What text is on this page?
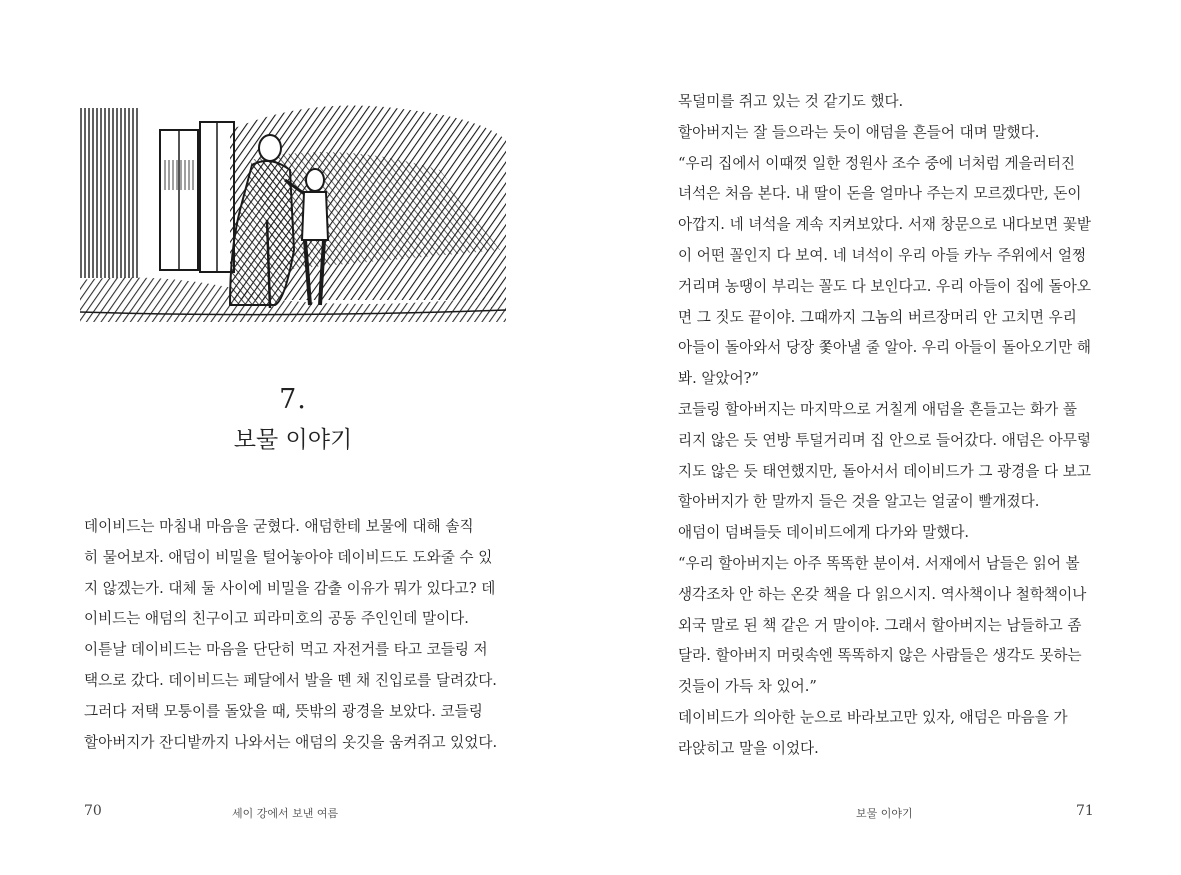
7.
보물 이야기
데이비드는 마침내 마음을 굳혔다. 애덤한테 보물에 대해 솔직
히 물어보자. 애덤이 비밀을 털어놓아야 데이비드도 도와줄 수 있
지 않겠는가. 대체 둘 사이에 비밀을 감출 이유가 뭐가 있다고? 데
이비드는 애덤의 친구이고 피라미호의 공동 주인인데 말이다.
이튿날 데이비드는 마음을 단단히 먹고 자전거를 타고 코들링 저
택으로 갔다. 데이비드는 페달에서 발을 뗀 채 진입로를 달려갔다.
그러다 저택 모퉁이를 돌았을 때, 뜻밖의 광경을 보았다. 코들링
할아버지가 잔디밭까지 나와서는 애덤의 옷깃을 움켜쥐고 있었다.
70	세이 강에서 보낸 여름
목덜미를 쥐고 있는 것 같기도 했다.
할아버지는 잘 들으라는 듯이 애덤을 흔들어 대며 말했다.
“우리 집에서 이때껏 일한 정원사 조수 중에 너처럼 게을러터진
녀석은 처음 본다. 내 딸이 돈을 얼마나 주는지 모르겠다만, 돈이
아깝지. 네 녀석을 계속 지켜보았다. 서재 창문으로 내다보면 꽃밭
이 어떤 꼴인지 다 보여. 네 녀석이 우리 아들 카누 주위에서 얼쩡
거리며 농땡이 부리는 꼴도 다 보인다고. 우리 아들이 집에 돌아오
면 그 짓도 끝이야. 그때까지 그놈의 버르장머리 안 고치면 우리
아들이 돌아와서 당장 쫓아낼 줄 알아. 우리 아들이 돌아오기만 해
봐. 알았어?”
코들링 할아버지는 마지막으로 거칠게 애덤을 흔들고는 화가 풀
리지 않은 듯 연방 투덜거리며 집 안으로 들어갔다. 애덤은 아무렇
지도 않은 듯 태연했지만, 돌아서서 데이비드가 그 광경을 다 보고
할아버지가 한 말까지 들은 것을 알고는 얼굴이 빨개졌다.
애덤이 덤벼들듯 데이비드에게 다가와 말했다.
“우리 할아버지는 아주 똑똑한 분이셔. 서재에서 남들은 읽어 볼
생각조차 안 하는 온갖 책을 다 읽으시지. 역사책이나 철학책이나
외국 말로 된 책 같은 거 말이야. 그래서 할아버지는 남들하고 좀
달라. 할아버지 머릿속엔 똑똑하지 않은 사람들은 생각도 못하는
것들이 가득 차 있어.”
데이비드가 의아한 눈으로 바라보고만 있자, 애덤은 마음을 가
라앉히고 말을 이었다.
보물 이야기	71
